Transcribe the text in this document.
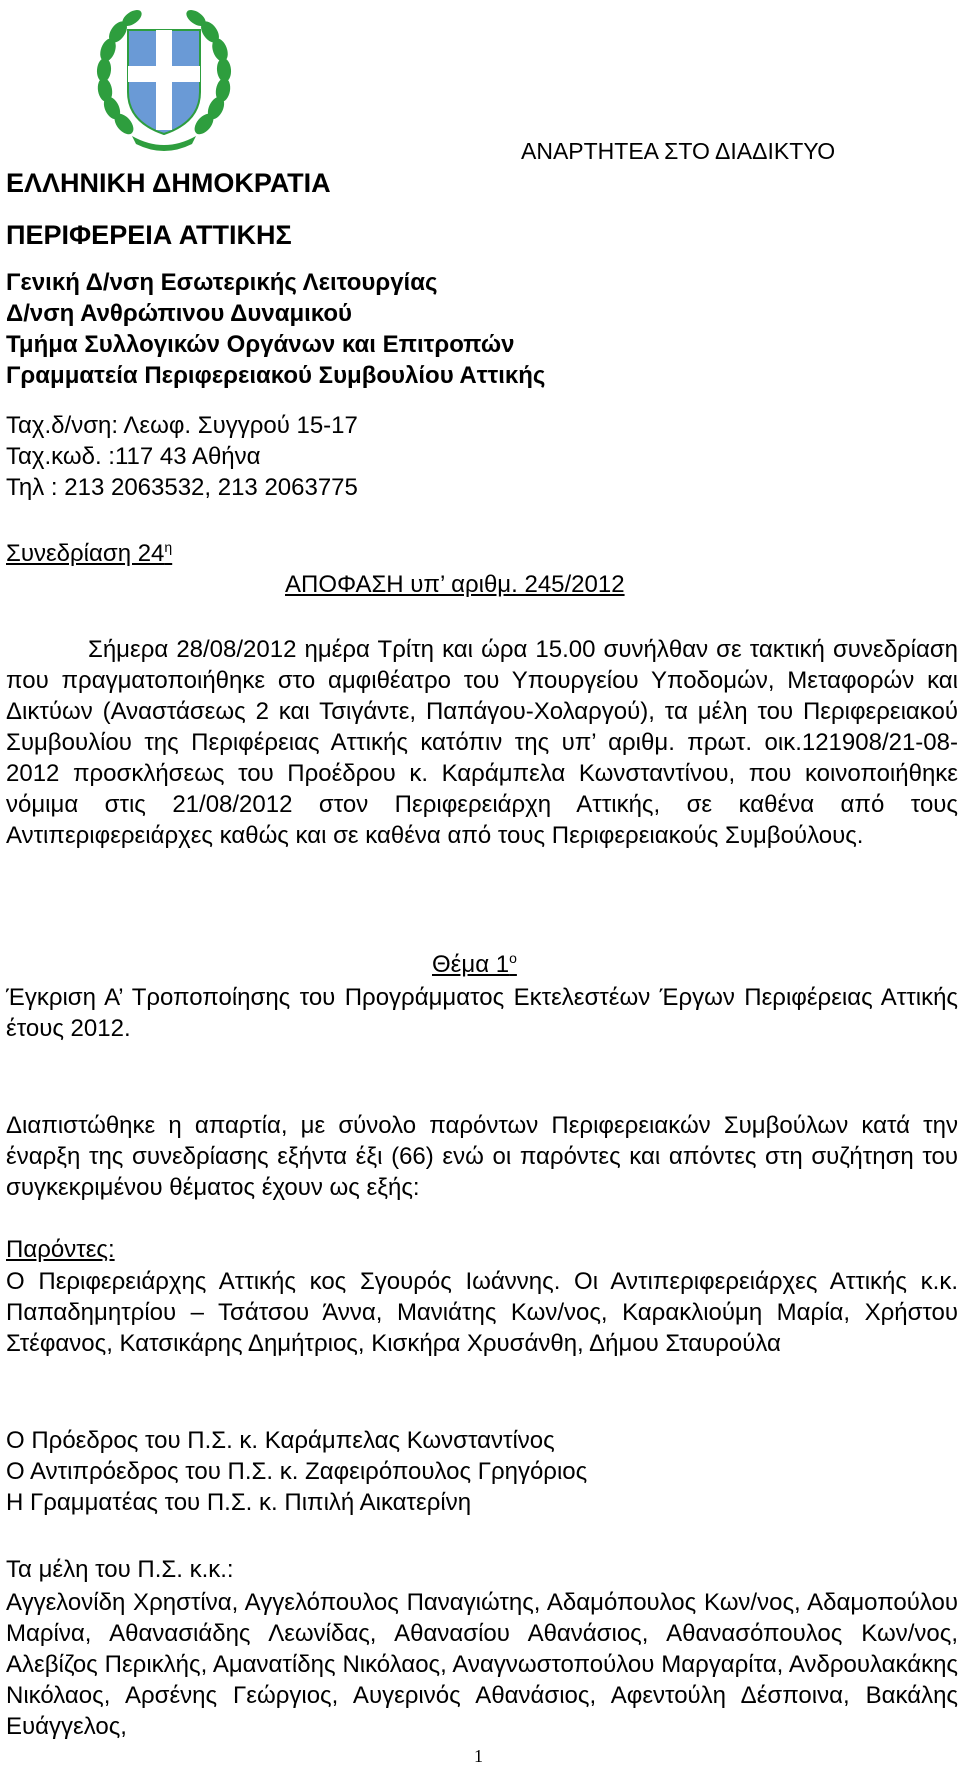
ΑΝΑΡΤΗΤΕΑ ΣΤΟ ΔΙΑΔΙΚΤΥΟ
ΕΛΛΗΝΙΚΗ ΔΗΜΟΚΡΑΤΙΑ
ΠΕΡΙΦΕΡΕΙΑ ΑΤΤΙΚΗΣ
Γενική Δ/νση Εσωτερικής Λειτουργίας
Δ/νση Ανθρώπινου Δυναμικού
Τμήμα Συλλογικών Οργάνων και Επιτροπών
Γραμματεία Περιφερειακού Συμβουλίου Αττικής
Ταχ.δ/νση: Λεωφ. Συγγρού 15-17
Ταχ.κωδ. :117 43 Αθήνα
Τηλ : 213 2063532, 213 2063775
Συνεδρίαση $24^\eta$
ΑΠΟΦΑΣΗ υπ’ αριθμ. 245/2012
Σήμερα 28/08/2012 ημέρα Τρίτη και ώρα 15.00 συνήλθαν σε τακτική συνεδρίαση που πραγματοποιήθηκε στο αμφιθέατρο του Υπουργείου Υποδομών, Μεταφορών και Δικτύων (Αναστάσεως 2 και Τσιγάντε, Παπάγου-Χολαργού), τα μέλη του Περιφερειακού Συμβουλίου της Περιφέρειας Αττικής κατόπιν της υπ’ αριθμ. πρωτ. οικ.121908/21-08-2012 προσκλήσεως του Προέδρου κ. Καράμπελα Κωνσταντίνου, που κοινοποιήθηκε νόμιμα στις 21/08/2012 στον Περιφερειάρχη Αττικής, σε καθένα από τους Αντιπεριφερειάρχες καθώς και σε καθένα από τους Περιφερειακούς Συμβούλους.
Θέμα $1^o$
Έγκριση Α’ Τροποποίησης του Προγράμματος Εκτελεστέων Έργων Περιφέρειας Αττικής έτους 2012.
Διαπιστώθηκε η απαρτία, με σύνολο παρόντων Περιφερειακών Συμβούλων κατά την έναρξη της συνεδρίασης εξήντα έξι (66) ενώ οι παρόντες και απόντες στη συζήτηση του συγκεκριμένου θέματος έχουν ως εξής:
Παρόντες:
Ο Περιφερειάρχης Αττικής κος Σγουρός Ιωάννης. Οι Αντιπεριφερειάρχες Αττικής κ.κ. Παπαδημητρίου – Τσάτσου Άννα, Μανιάτης Κων/νος, Καρακλιούμη Μαρία, Χρήστου Στέφανος, Κατσικάρης Δημήτριος, Κισκήρα Χρυσάνθη, Δήμου Σταυρούλα
Ο Πρόεδρος του Π.Σ. κ. Καράμπελας Κωνσταντίνος
Ο Αντιπρόεδρος του Π.Σ. κ. Ζαφειρόπουλος Γρηγόριος
Η Γραμματέας του Π.Σ. κ. Πιπιλή Αικατερίνη
Τα μέλη του Π.Σ. κ.κ.:
Αγγελονίδη Χρηστίνα, Αγγελόπουλος Παναγιώτης, Αδαμόπουλος Κων/νος, Αδαμοπούλου Μαρίνα, Αθανασιάδης Λεωνίδας, Αθανασίου Αθανάσιος, Αθανασόπουλος Κων/νος, Αλεβίζος Περικλής, Αμανατίδης Νικόλαος, Αναγνωστοπούλου Μαργαρίτα, Ανδρουλακάκης Νικόλαος, Αρσένης Γεώργιος, Αυγερινός Αθανάσιος, Αφεντούλη Δέσποινα, Βακάλης Ευάγγελος,
1
